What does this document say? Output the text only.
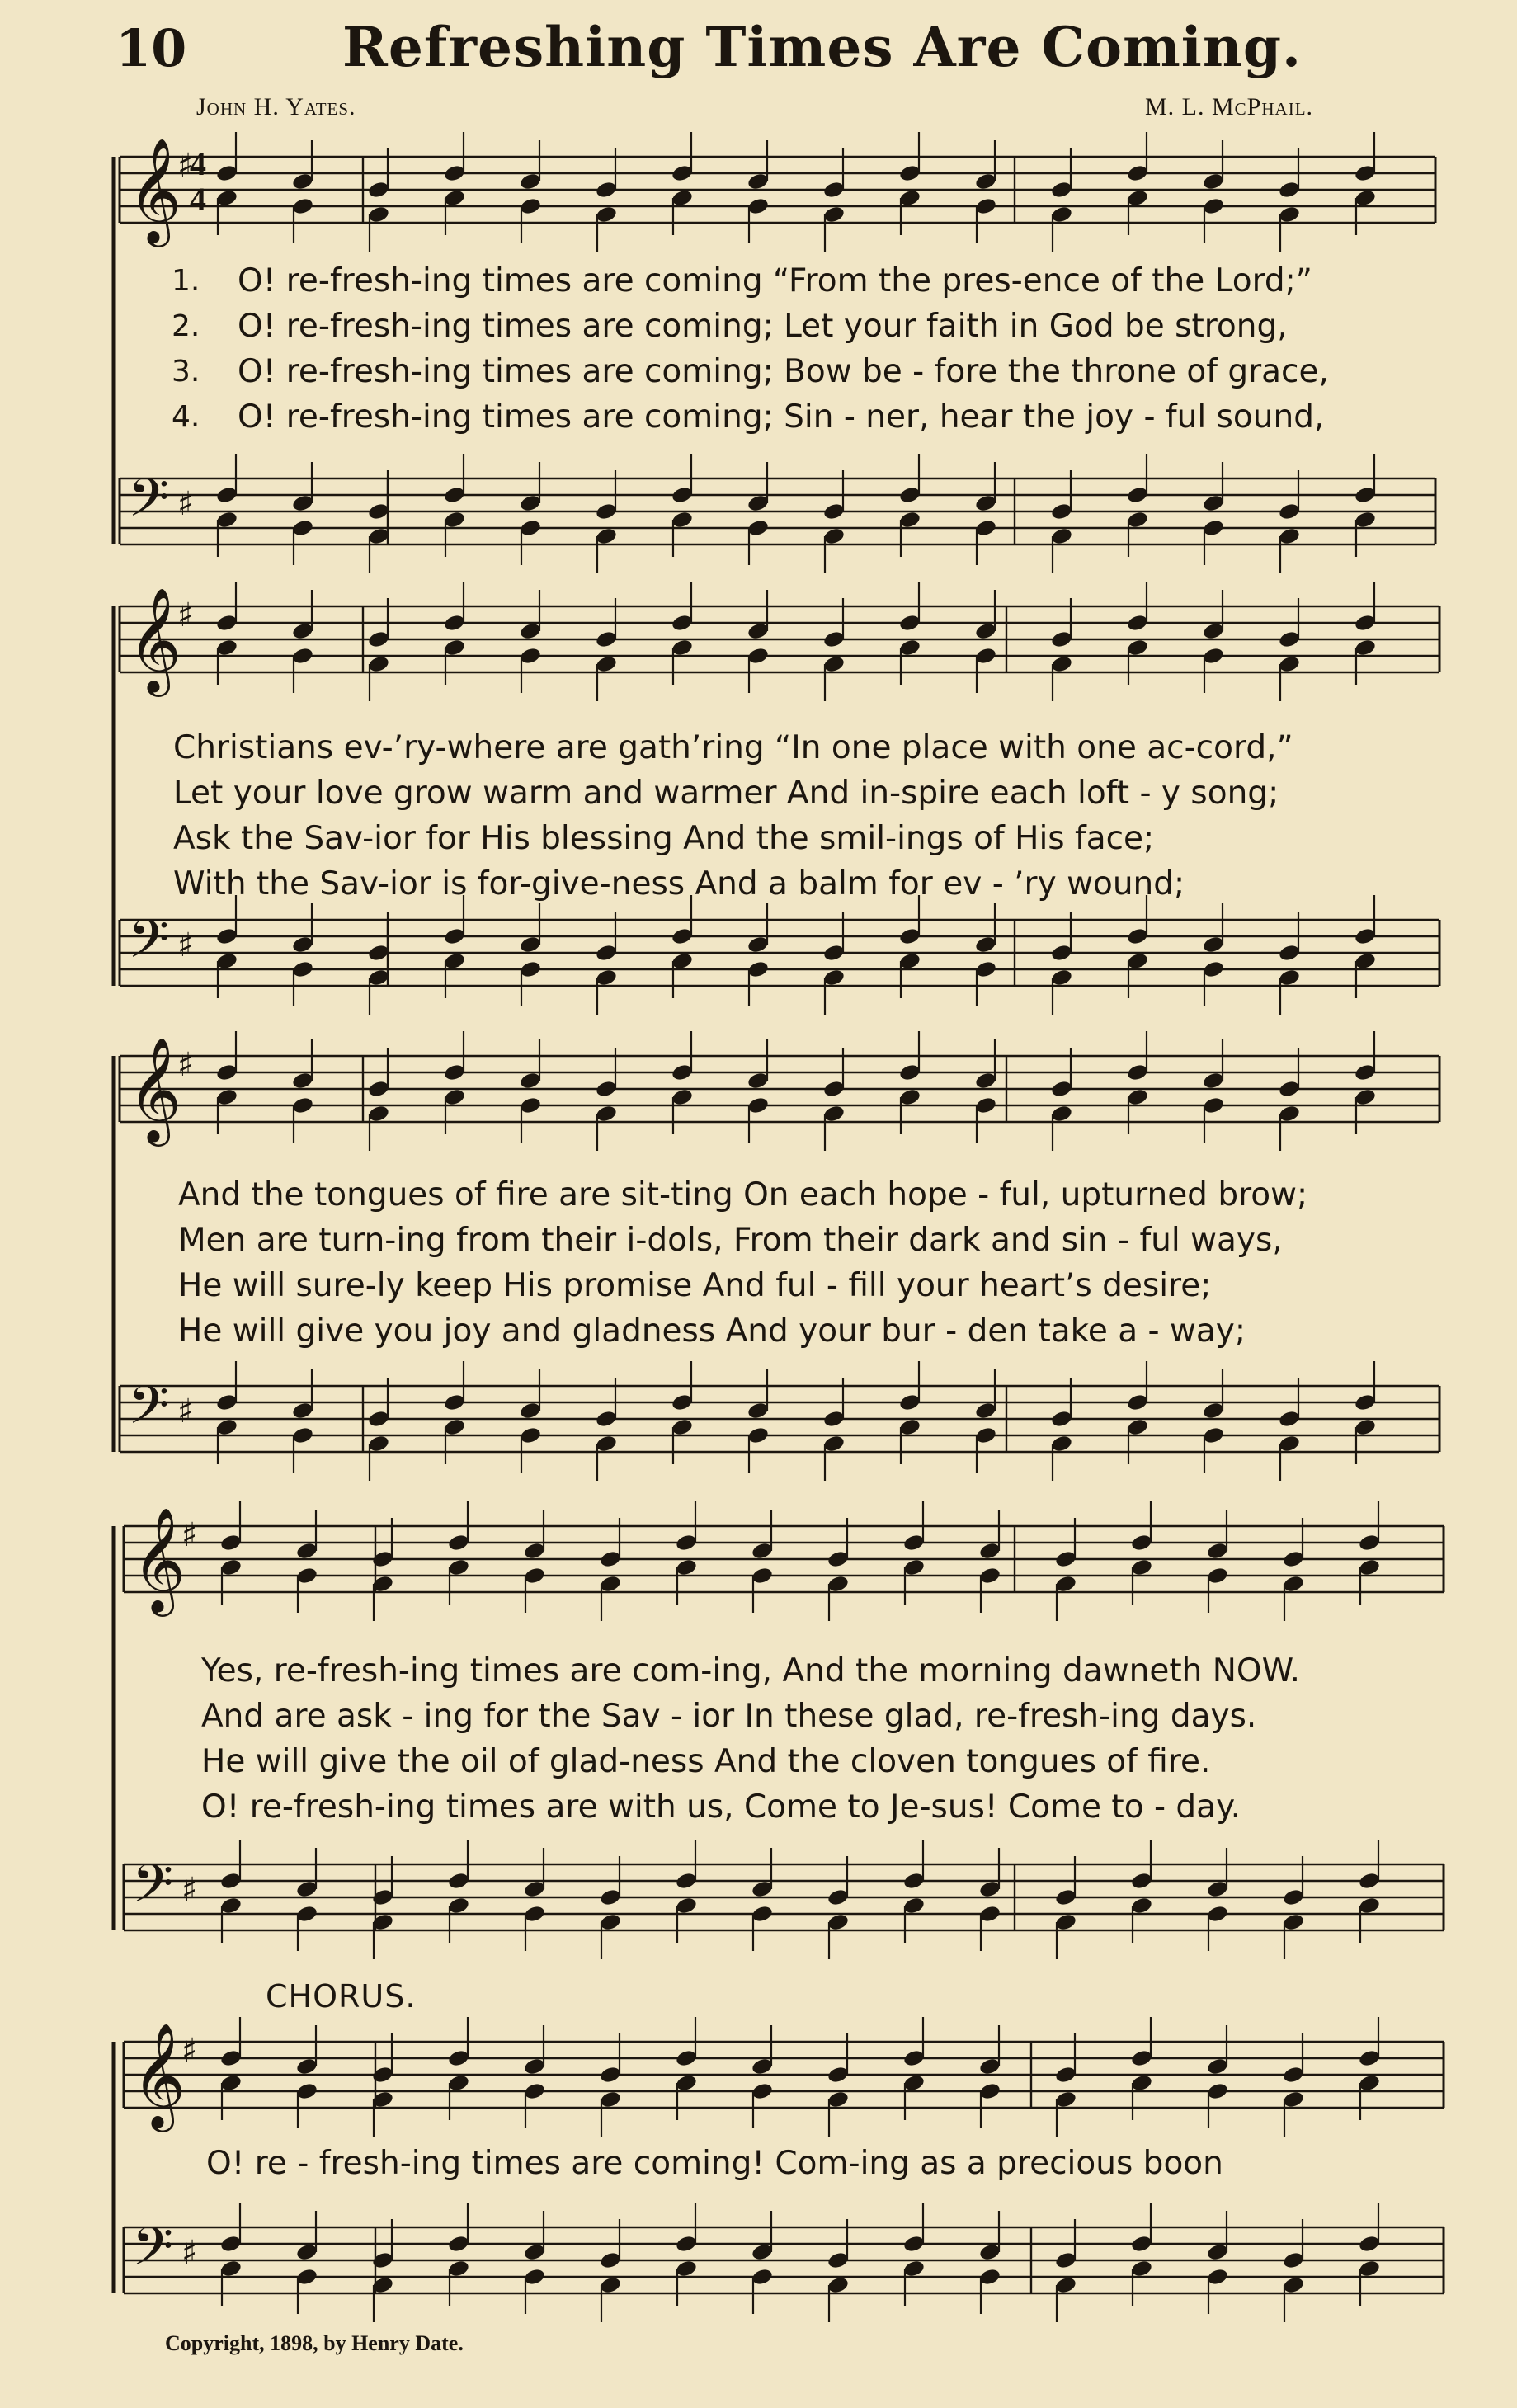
10	Refreshing Times Are Coming.
John H. Yates.	M. L. McPhail.
𝄞
♯
𝄢 ♯
𝄞
♯
𝄢 ♯
𝄞
♯
𝄢 ♯
𝄞
♯
𝄢 ♯
𝄞
♯
𝄢 ♯
4
4
1.
2.
3.
4.
O! re-fresh-ing times are coming “From the pres-ence of the Lord;”
O! re-fresh-ing times are coming; Let your faith in God be strong,
O! re-fresh-ing times are coming; Bow be - fore the throne of grace,
O! re-fresh-ing times are coming; Sin - ner, hear the joy - ful sound,
Christians ev-’ry-where are gath’ring “In one place with one ac-cord,”
Let your love grow warm and warmer And in-spire each loft - y song;
Ask the Sav-ior for His blessing And the smil-ings of His face;
With the Sav-ior is for-give-ness And a balm for ev - ’ry wound;
And the tongues of fire are sit-ting On each hope - ful, upturned brow;
Men are turn-ing from their i-dols, From their dark and sin - ful ways,
He will sure-ly keep His promise And ful - fill your heart’s desire;
He will give you joy and gladness And your bur - den take a - way;
Yes, re-fresh-ing times are com-ing, And the morning dawneth NOW.
And are ask - ing for the Sav - ior In these glad, re-fresh-ing days.
He will give the oil of glad-ness And the cloven tongues of fire.
O! re-fresh-ing times are with us, Come to Je-sus! Come to - day.
CHORUS.
O! re - fresh-ing times are coming! Com-ing as a precious boon
Copyright, 1898, by Henry Date.
